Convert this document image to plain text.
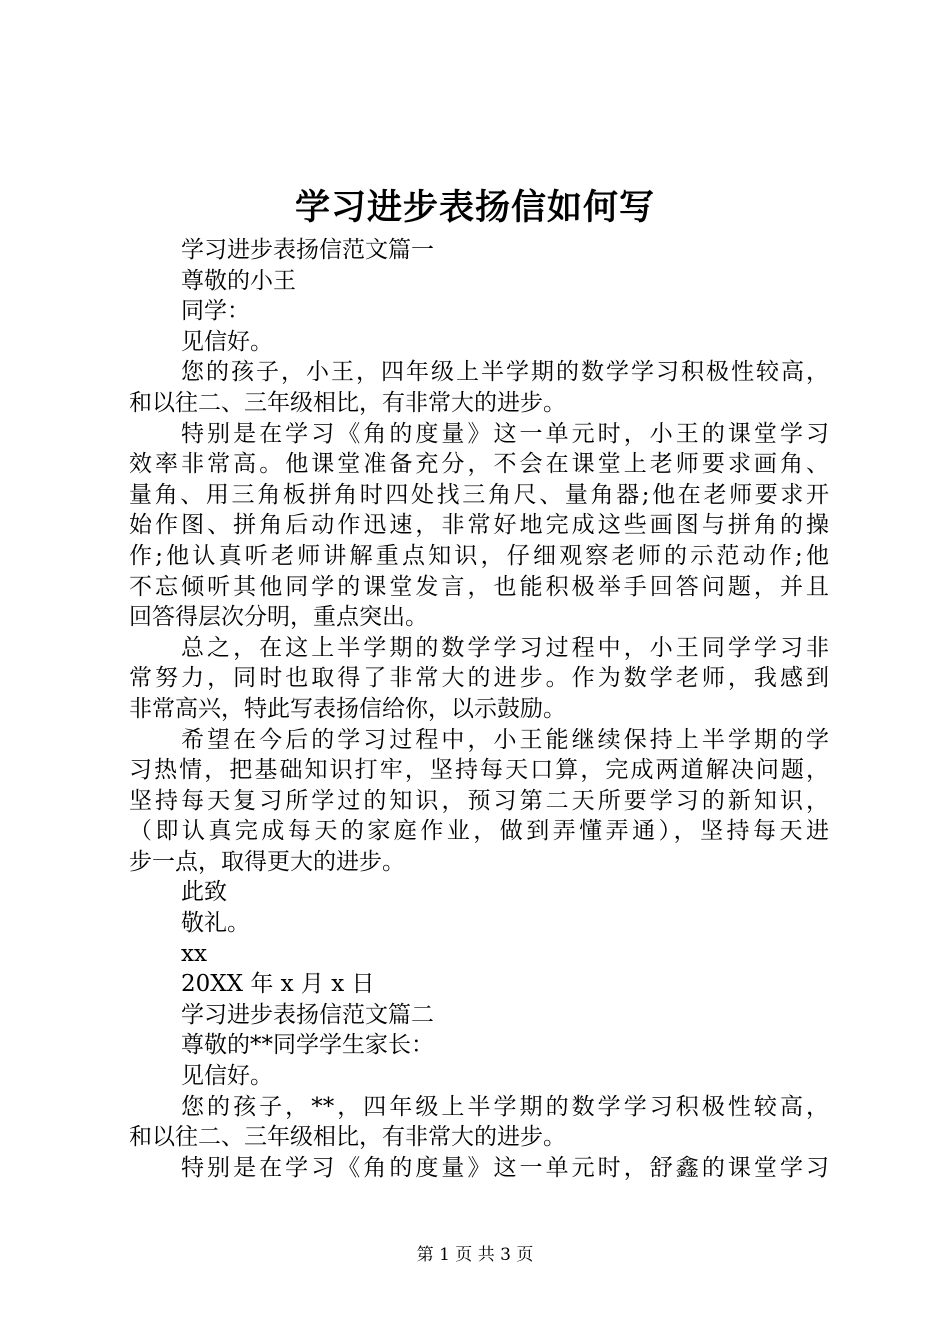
学习进步表扬信如何写
学习进步表扬信范文篇一
尊敬的小王
同学：
见信好。
您的孩子，小王，四年级上半学期的数学学习积极性较高，
和以往二、三年级相比，有非常大的进步。
特别是在学习《角的度量》这一单元时，小王的课堂学习
效率非常高。他课堂准备充分，不会在课堂上老师要求画角、
量角、用三角板拼角时四处找三角尺、量角器;他在老师要求开
始作图、拼角后动作迅速，非常好地完成这些画图与拼角的操
作;他认真听老师讲解重点知识，仔细观察老师的示范动作;他
不忘倾听其他同学的课堂发言，也能积极举手回答问题，并且
回答得层次分明，重点突出。
总之，在这上半学期的数学学习过程中，小王同学学习非
常努力，同时也取得了非常大的进步。作为数学老师，我感到
非常高兴，特此写表扬信给你，以示鼓励。
希望在今后的学习过程中，小王能继续保持上半学期的学
习热情，把基础知识打牢，坚持每天口算，完成两道解决问题，
坚持每天复习所学过的知识，预习第二天所要学习的新知识，
（即认真完成每天的家庭作业，做到弄懂弄通），坚持每天进
步一点，取得更大的进步。
此致
敬礼。
xx
20XX 年 x 月 x 日
学习进步表扬信范文篇二
尊敬的**同学学生家长：
见信好。
您的孩子，**，四年级上半学期的数学学习积极性较高，
和以往二、三年级相比，有非常大的进步。
特别是在学习《角的度量》这一单元时，舒鑫的课堂学习
第 1 页 共 3 页
